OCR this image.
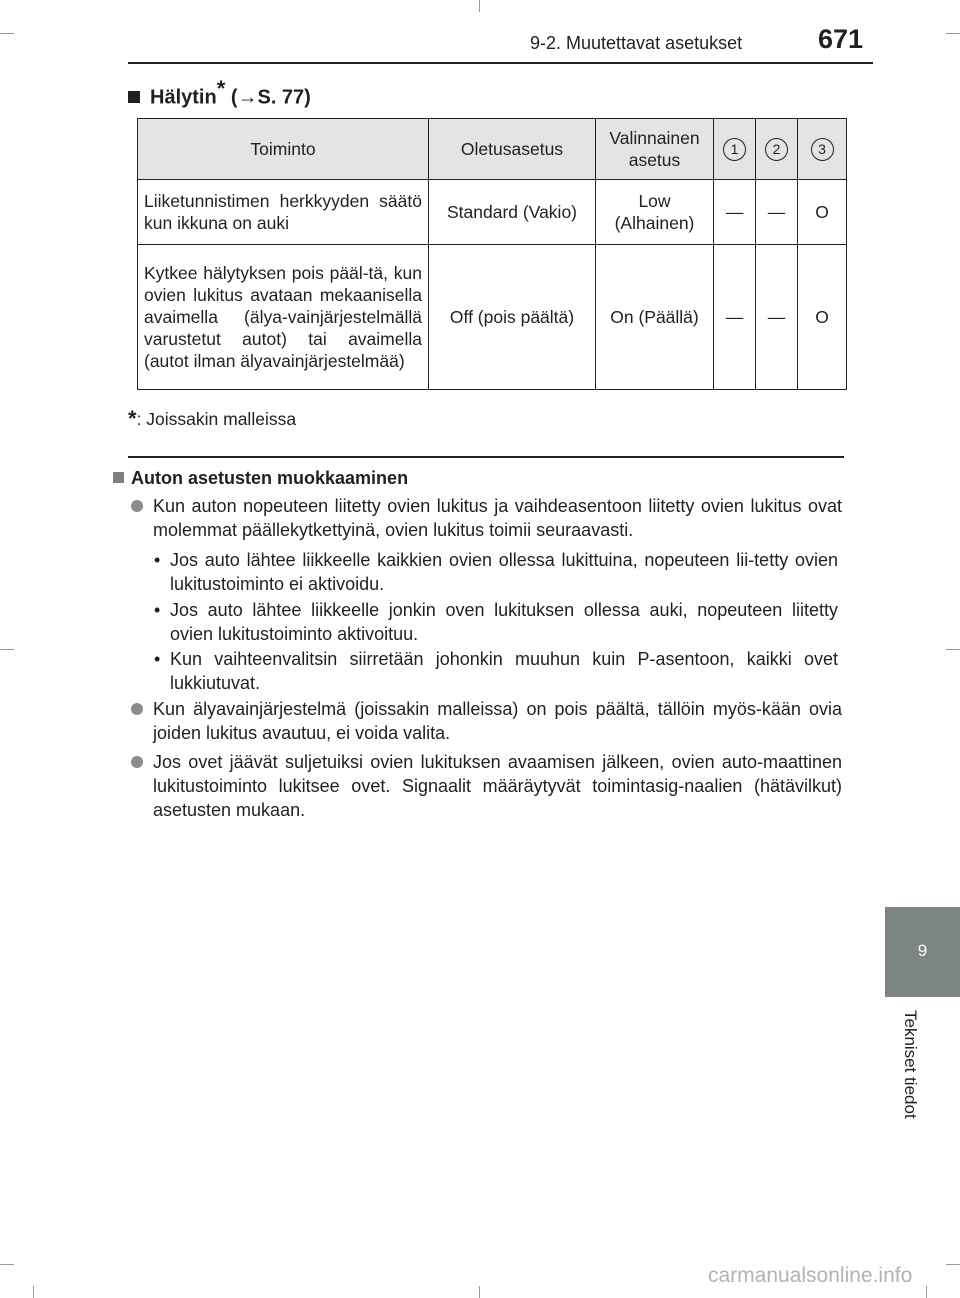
9-2. Muutettavat asetukset	671
9
Tekniset tiedot
Hälytin* (→S. 77)
Toiminto	Oletusasetus	Valinnainen asetus	1	2	3
Liiketunnistimen herkkyyden säätö kun ikkuna on auki	Standard (Vakio)	Low (Alhainen)	—	—	O
Kytkee hälytyksen pois pääl-tä, kun ovien lukitus avataan mekaanisella avaimella (älya-vainjärjestelmällä varustetut autot) tai avaimella (autot ilman älyavainjärjestelmää)	Off (pois päältä)	On (Päällä)	—	—	O
*: Joissakin malleissa
Auton asetusten muokkaaminen
Kun auton nopeuteen liitetty ovien lukitus ja vaihdeasentoon liitetty ovien lukitus ovat molemmat päällekytkettyinä, ovien lukitus toimii seuraavasti.
• Jos auto lähtee liikkeelle kaikkien ovien ollessa lukittuina, nopeuteen lii-tetty ovien lukitustoiminto ei aktivoidu.
• Jos auto lähtee liikkeelle jonkin oven lukituksen ollessa auki, nopeuteen liitetty ovien lukitustoiminto aktivoituu.
• Kun vaihteenvalitsin siirretään johonkin muuhun kuin P-asentoon, kaikki ovet lukkiutuvat.
Kun älyavainjärjestelmä (joissakin malleissa) on pois päältä, tällöin myös-kään ovia joiden lukitus avautuu, ei voida valita.
Jos ovet jäävät suljetuiksi ovien lukituksen avaamisen jälkeen, ovien auto-maattinen lukitustoiminto lukitsee ovet. Signaalit määräytyvät toimintasig-naalien (hätävilkut) asetusten mukaan.
carmanualsonline.info
